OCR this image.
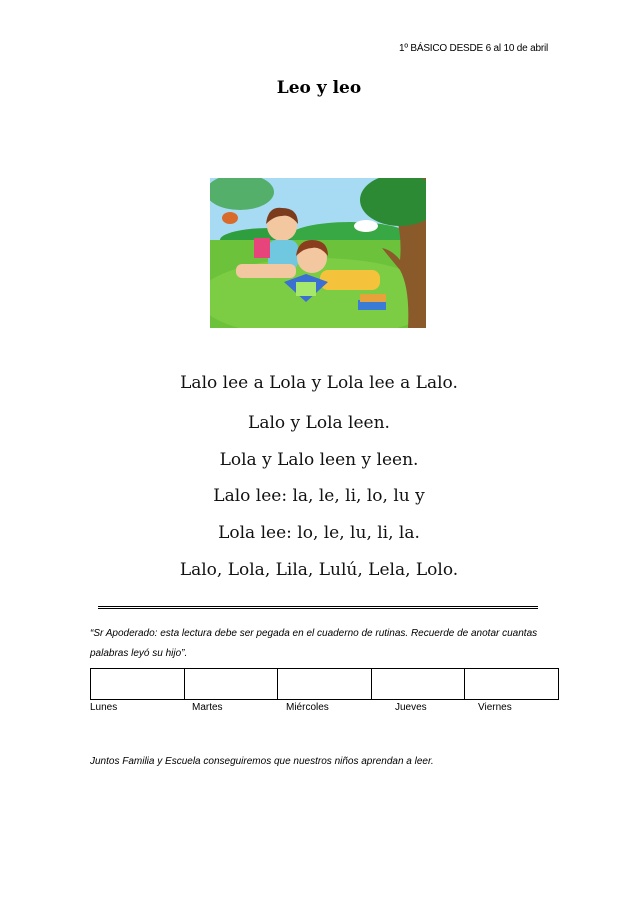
1º BÁSICO DESDE 6 al 10 de abril
Leo y leo
Lalo lee a Lola y Lola lee a Lalo.
Lalo y Lola leen.
Lola y Lalo leen y leen.
Lalo lee: la, le, li, lo, lu y
Lola lee: lo, le, lu, li, la.
Lalo, Lola, Lila, Lulú, Lela, Lolo.
“Sr Apoderado: esta lectura debe ser pegada en el cuaderno de rutinas. Recuerde de anotar cuantas palabras leyó su hijo”.
Lunes	Martes	Miércoles	Jueves	Viernes
Juntos Familia y Escuela conseguiremos que nuestros niños aprendan a leer.
